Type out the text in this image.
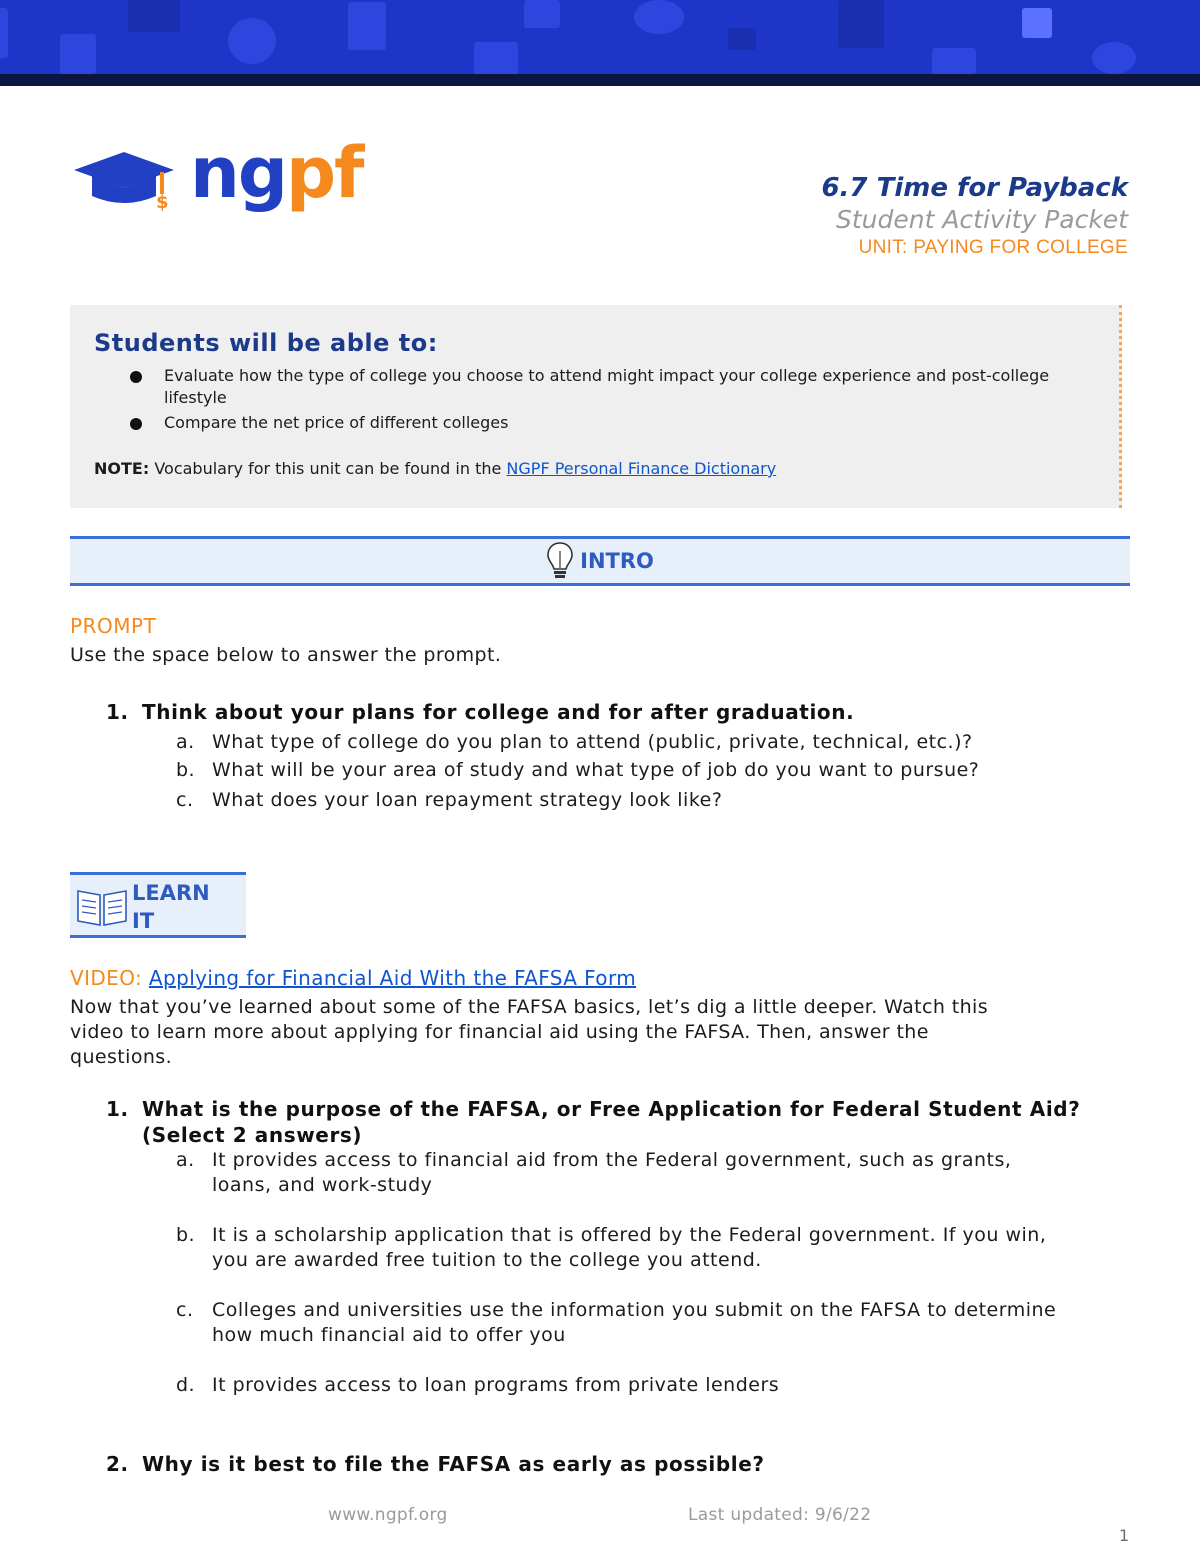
$ ngpf	6.7 Time for Payback
Student Activity Packet
UNIT: PAYING FOR COLLEGE
Students will be able to:
Evaluate how the type of college you choose to attend might impact your college experience and post-college lifestyle
Compare the net price of different colleges
NOTE: Vocabulary for this unit can be found in the NGPF Personal Finance Dictionary
INTRO
PROMPT
Use the space below to answer the prompt.
1. Think about your plans for college and for after graduation.
a. What type of college do you plan to attend (public, private, technical, etc.)?
b. What will be your area of study and what type of job do you want to pursue?
c. What does your loan repayment strategy look like?
LEARN
IT
VIDEO: Applying for Financial Aid With the FAFSA Form
Now that you’ve learned about some of the FAFSA basics, let’s dig a little deeper. Watch this
video to learn more about applying for financial aid using the FAFSA. Then, answer the
questions.
1. What is the purpose of the FAFSA, or Free Application for Federal Student Aid?
(Select 2 answers)
a. It provides access to financial aid from the Federal government, such as grants,
loans, and work-study
b. It is a scholarship application that is offered by the Federal government. If you win,
you are awarded free tuition to the college you attend.
c. Colleges and universities use the information you submit on the FAFSA to determine
how much financial aid to offer you
d. It provides access to loan programs from private lenders
2. Why is it best to file the FAFSA as early as possible?
www.ngpf.org	Last updated: 9/6/22
1
